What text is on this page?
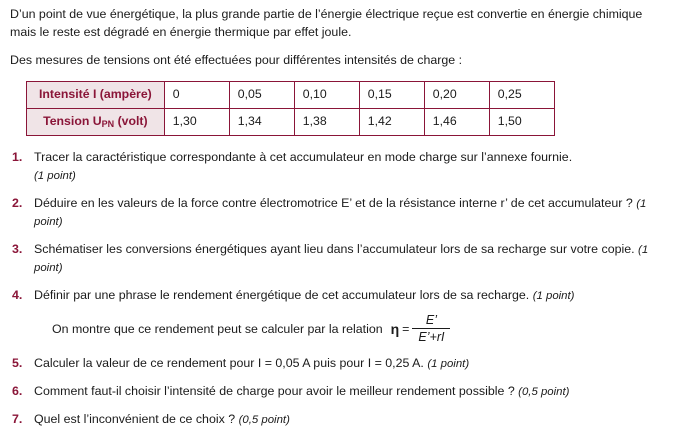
D’un point de vue énergétique, la plus grande partie de l’énergie électrique reçue est convertie en énergie chimique mais le reste est dégradé en énergie thermique par effet joule.

Des mesures de tensions ont été effectuées pour différentes intensités de charge :

Intensité I (ampère)	0	0,05	0,10	0,15	0,20	0,25
Tension $U_{PN}$ (volt)	1,30	1,34	1,38	1,42	1,46	1,50
1. Tracer la caractéristique correspondante à cet accumulateur en mode charge sur l’annexe fournie.
(1 point)
2. Déduire en les valeurs de la force contre électromotrice E’ et de la résistance interne r’ de cet accumulateur ? (1 point)
3. Schématiser les conversions énergétiques ayant lieu dans l’accumulateur lors de sa recharge sur votre copie. (1 point)
4. Définir par une phrase le rendement énergétique de cet accumulateur lors de sa recharge. (1 point)
On montre que ce rendement peut se calculer par la relation $\eta = \frac{E’}{E’+rI}$
5. Calculer la valeur de ce rendement pour I = 0,05 A puis pour I = 0,25 A. (1 point)
6. Comment faut-il choisir l’intensité de charge pour avoir le meilleur rendement possible ? (0,5 point)
7. Quel est l’inconvénient de ce choix ? (0,5 point)
